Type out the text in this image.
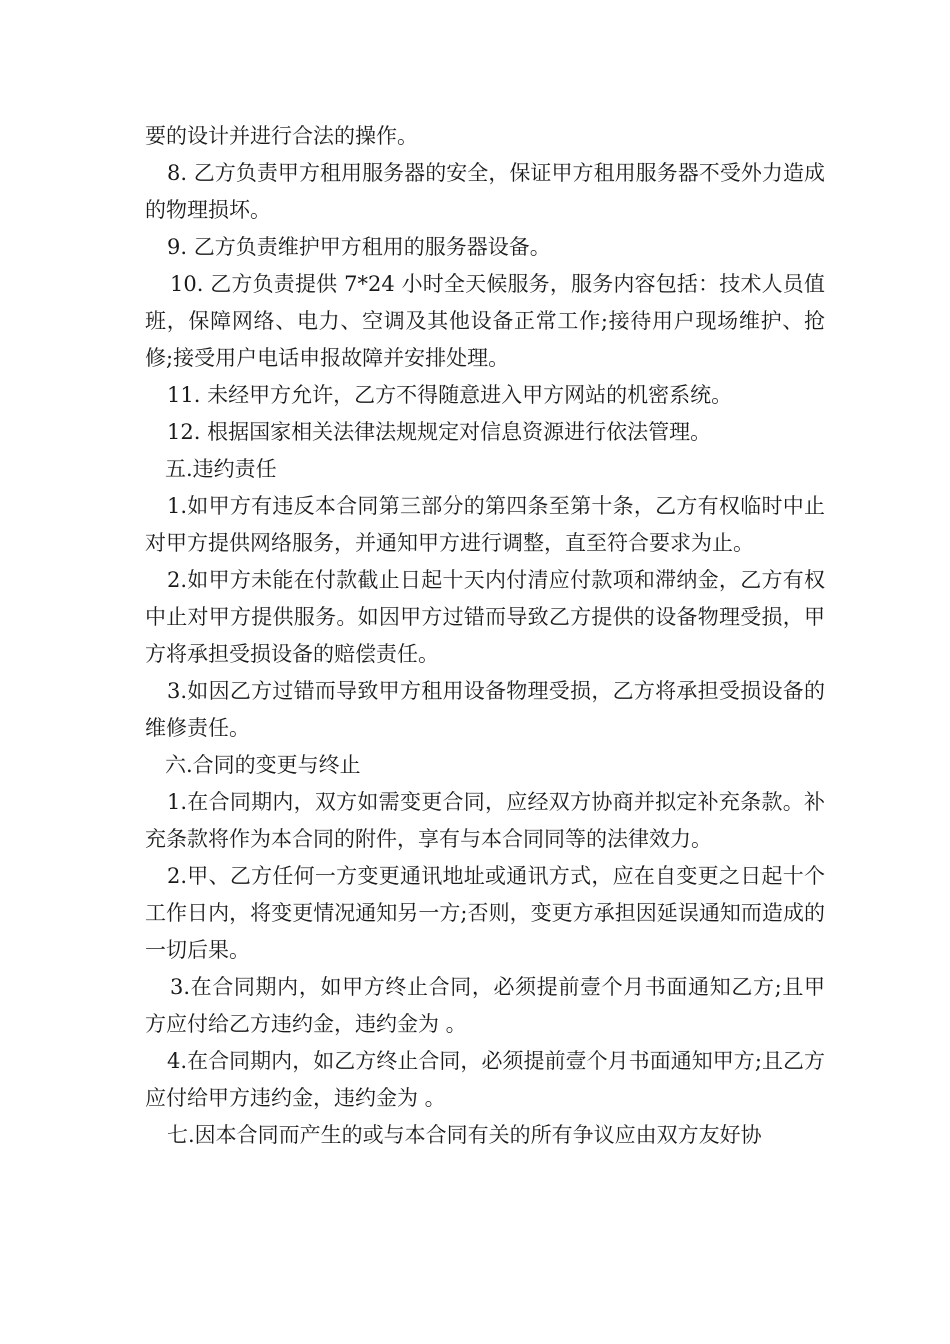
要的设计并进行合法的操作。

8. 乙方负责甲方租用服务器的安全，保证甲方租用服务器不受外力造成的物理损坏。

9. 乙方负责维护甲方租用的服务器设备。

10. 乙方负责提供 7*24 小时全天候服务，服务内容包括：技术人员值班，保障网络、电力、空调及其他设备正常工作;接待用户现场维护、抢修;接受用户电话申报故障并安排处理。

11. 未经甲方允许，乙方不得随意进入甲方网站的机密系统。

12. 根据国家相关法律法规规定对信息资源进行依法管理。

五.违约责任

1.如甲方有违反本合同第三部分的第四条至第十条，乙方有权临时中止对甲方提供网络服务，并通知甲方进行调整，直至符合要求为止。

2.如甲方未能在付款截止日起十天内付清应付款项和滞纳金，乙方有权中止对甲方提供服务。如因甲方过错而导致乙方提供的设备物理受损，甲方将承担受损设备的赔偿责任。

3.如因乙方过错而导致甲方租用设备物理受损，乙方将承担受损设备的维修责任。

六.合同的变更与终止

1.在合同期内，双方如需变更合同，应经双方协商并拟定补充条款。补充条款将作为本合同的附件，享有与本合同同等的法律效力。

2.甲、乙方任何一方变更通讯地址或通讯方式，应在自变更之日起十个工作日内，将变更情况通知另一方;否则，变更方承担因延误通知而造成的一切后果。

3.在合同期内，如甲方终止合同，必须提前壹个月书面通知乙方;且甲方应付给乙方违约金，违约金为 。

4.在合同期内，如乙方终止合同，必须提前壹个月书面通知甲方;且乙方应付给甲方违约金，违约金为 。

七.因本合同而产生的或与本合同有关的所有争议应由双方友好协
